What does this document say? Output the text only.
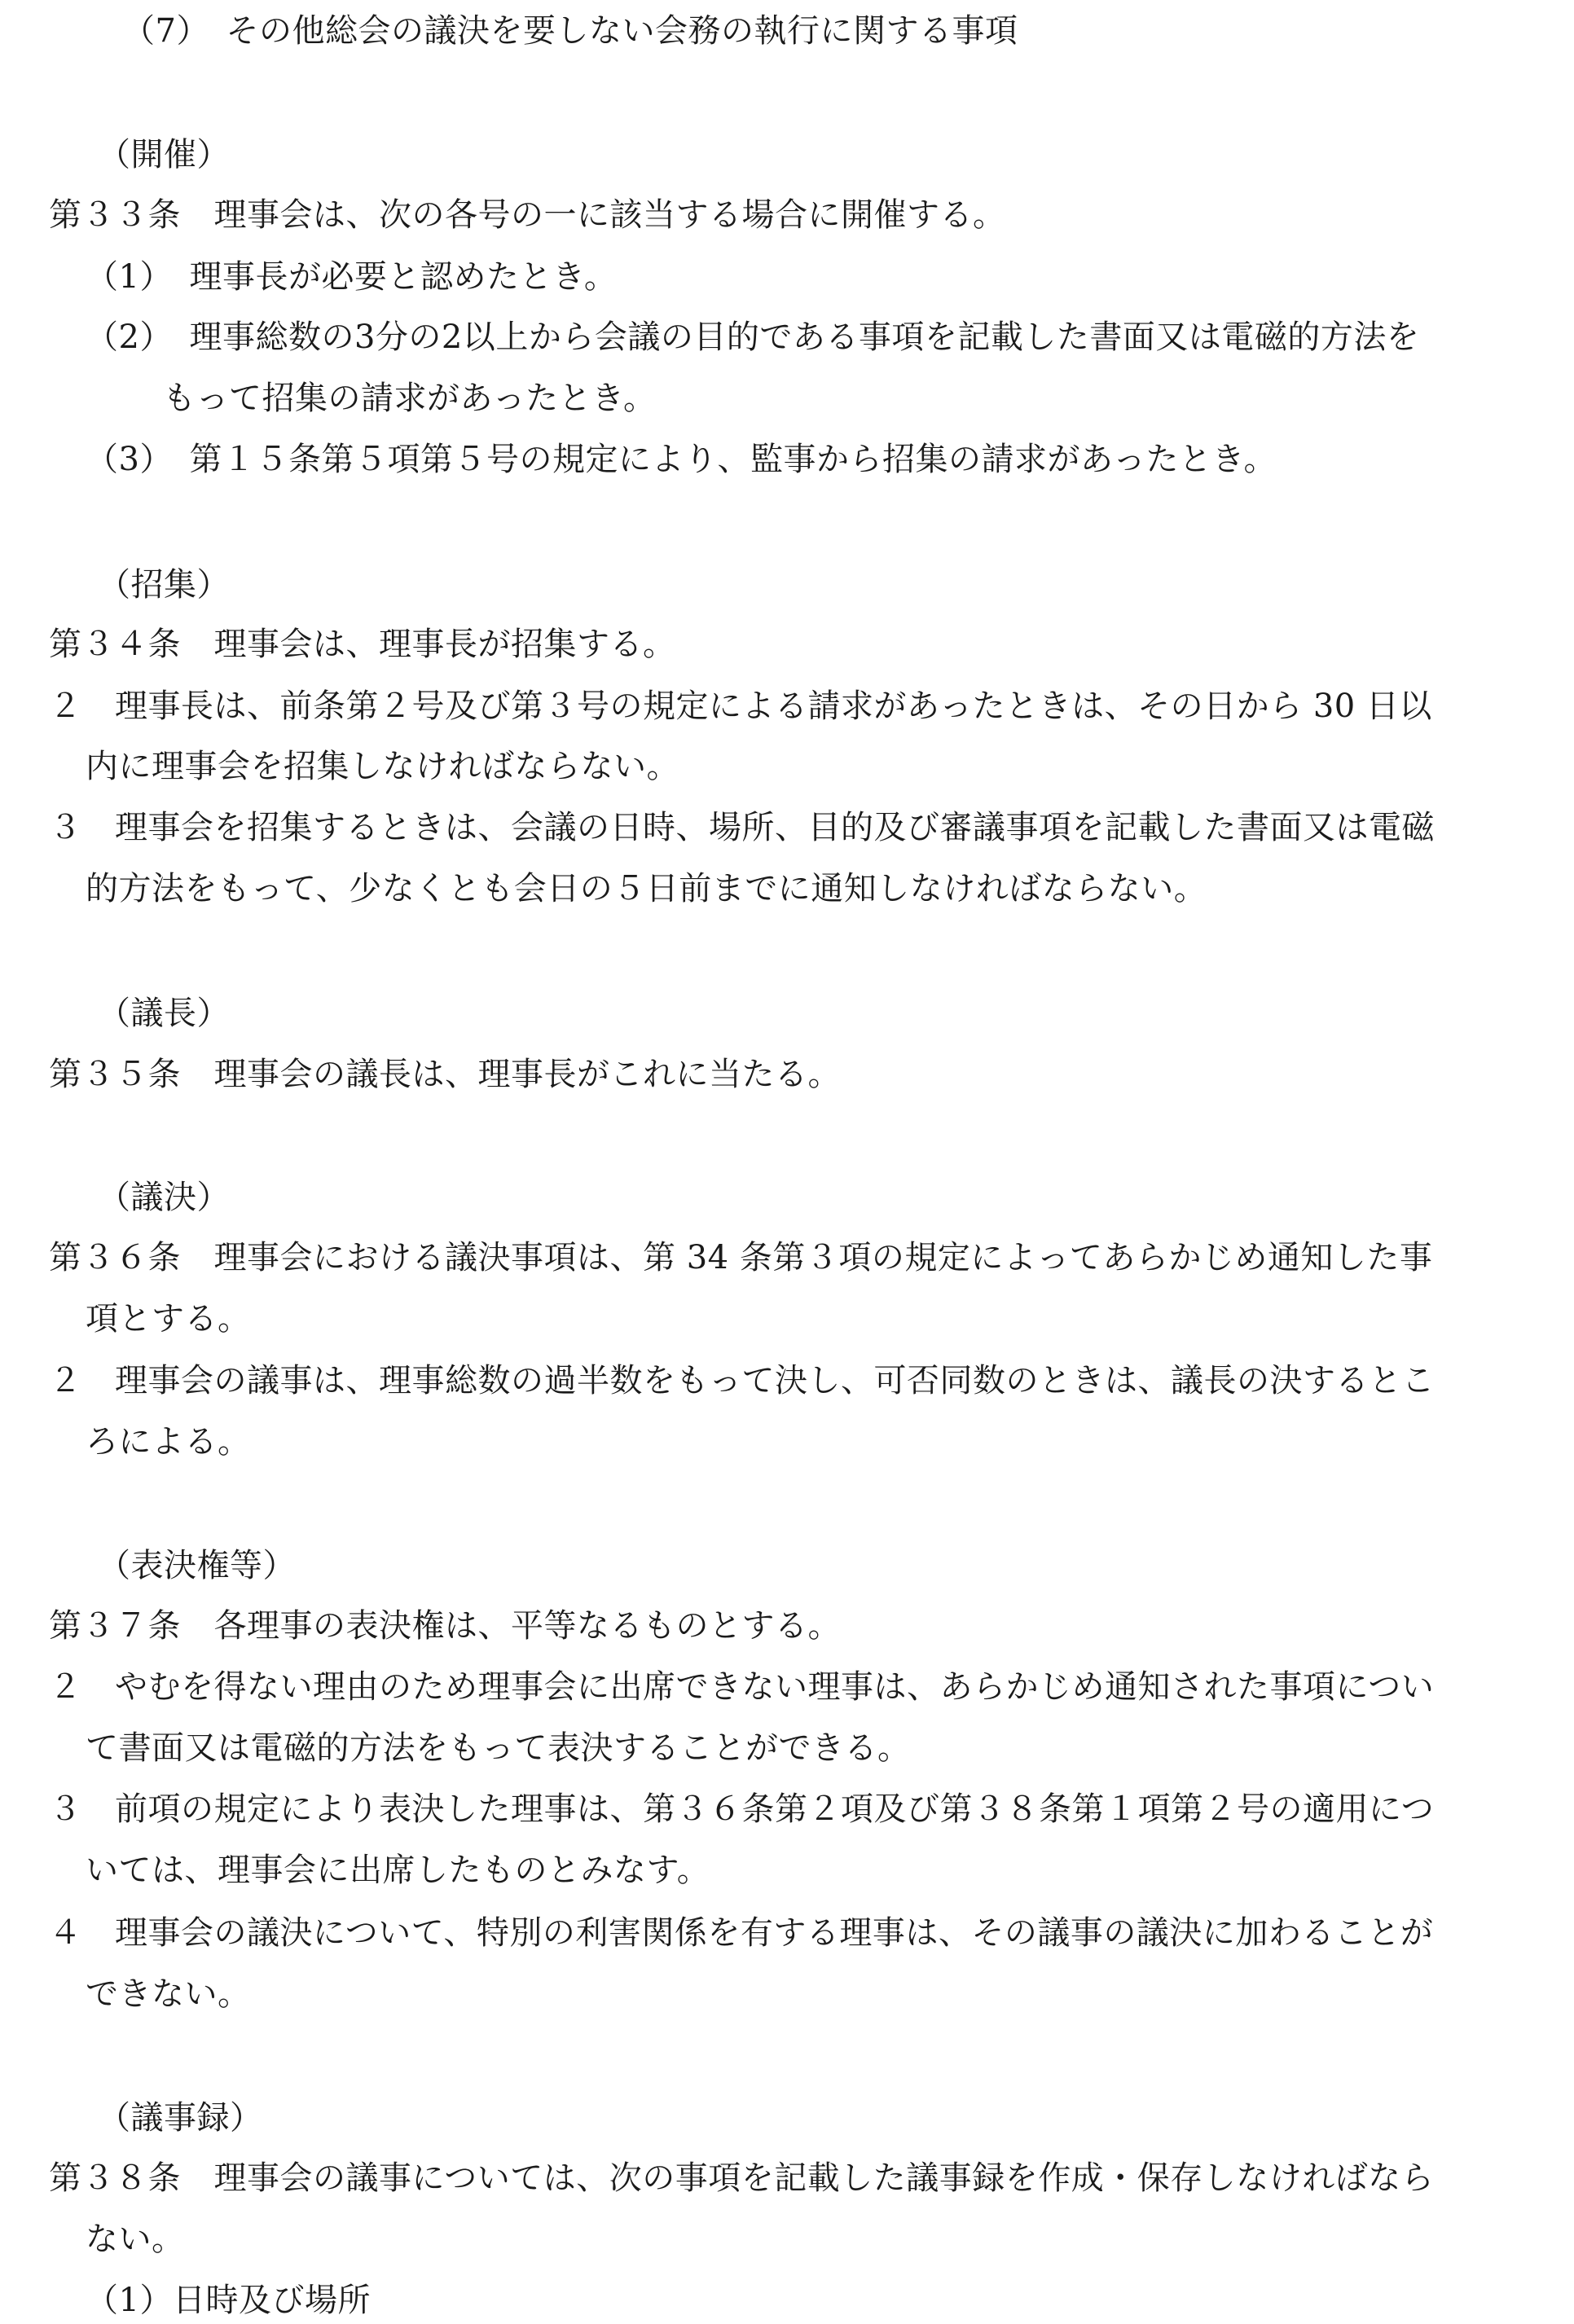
（7）　その他総会の議決を要しない会務の執行に関する事項
（開催）
第３３条　理事会は、次の各号の一に該当する場合に開催する。
（1）　理事長が必要と認めたとき。
（2）　理事総数の3分の2以上から会議の目的である事項を記載した書面又は電磁的方法を
もって招集の請求があったとき。
（3）　第１５条第５項第５号の規定により、監事から招集の請求があったとき。
（招集）
第３４条　理事会は、理事長が招集する。
２　理事長は、前条第２号及び第３号の規定による請求があったときは、その日から 30 日以
内に理事会を招集しなければならない。
３　理事会を招集するときは、会議の日時、場所、目的及び審議事項を記載した書面又は電磁
的方法をもって、少なくとも会日の５日前までに通知しなければならない。
（議長）
第３５条　理事会の議長は、理事長がこれに当たる。
（議決）
第３６条　理事会における議決事項は、第 34 条第３項の規定によってあらかじめ通知した事
項とする。
２　理事会の議事は、理事総数の過半数をもって決し、可否同数のときは、議長の決するとこ
ろによる。
（表決権等）
第３７条　各理事の表決権は、平等なるものとする。
２　やむを得ない理由のため理事会に出席できない理事は、あらかじめ通知された事項につい
て書面又は電磁的方法をもって表決することができる。
３　前項の規定により表決した理事は、第３６条第２項及び第３８条第１項第２号の適用につ
いては、理事会に出席したものとみなす。
４　理事会の議決について、特別の利害関係を有する理事は、その議事の議決に加わることが
できない。
（議事録）
第３８条　理事会の議事については、次の事項を記載した議事録を作成・保存しなければなら
ない。
（1）日時及び場所
